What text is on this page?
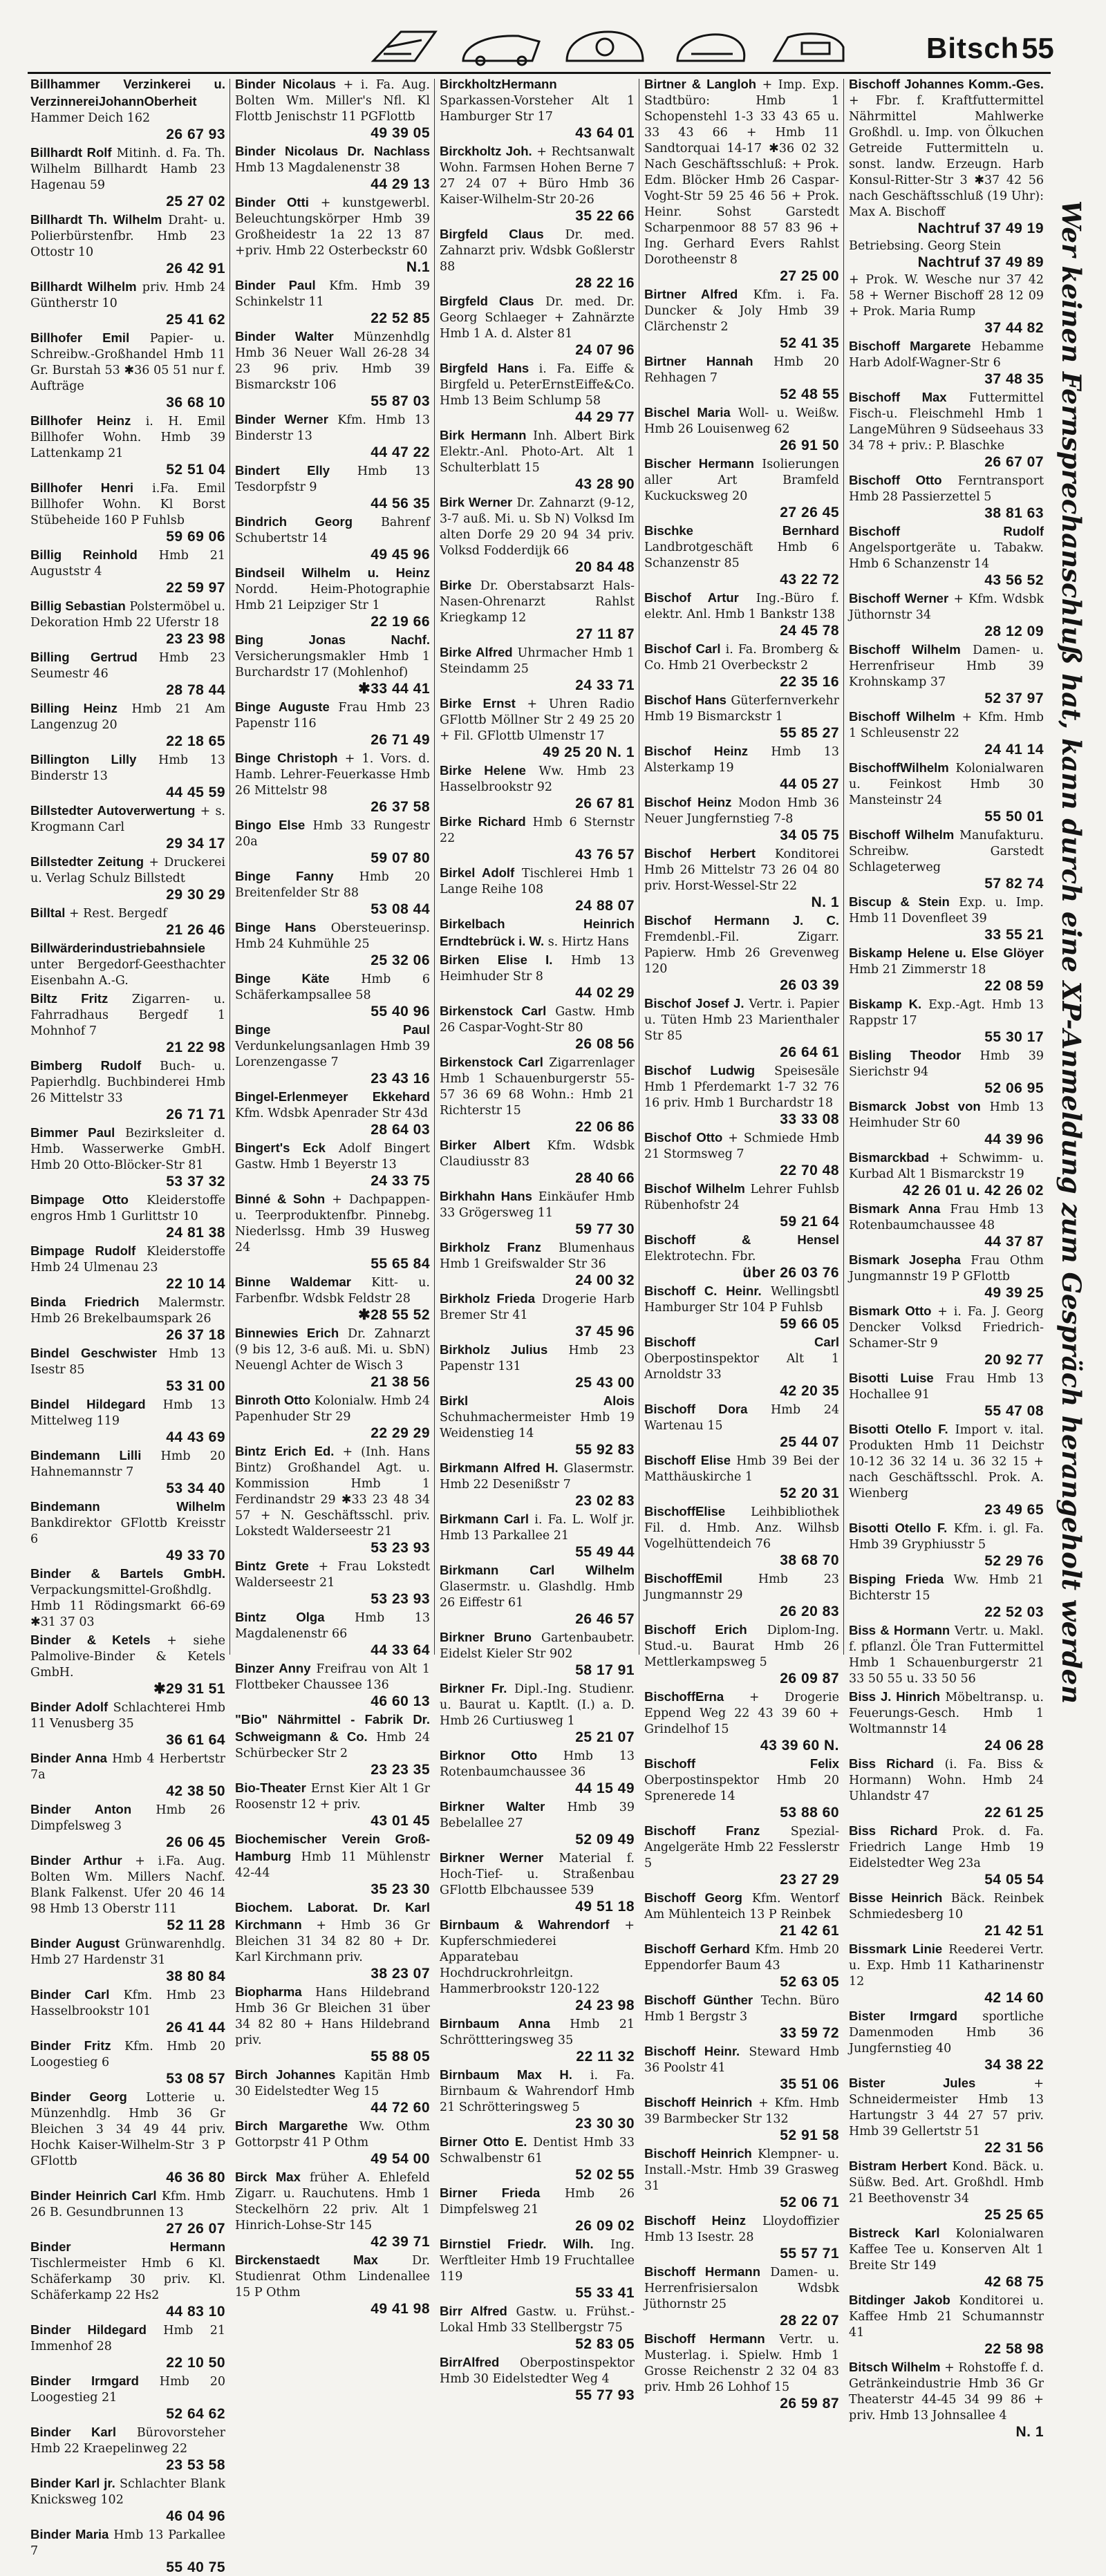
Bitsch 55
Billhammer Verzinkerei u. VerzinnereiJohannOberheit Hammer Deich 162
26 67 93
Billhardt Rolf Mitinh. d. Fa. Th. Wilhelm Billhardt Hamb 23 Hagenau 59
25 27 02
Billhardt Th. Wilhelm Draht- u. Polierbürstenfbr. Hmb 23 Ottostr 10
26 42 91
Billhardt Wilhelm priv. Hmb 24 Güntherstr 10
25 41 62
Billhofer Emil Papier- u. Schreibw.-Großhandel Hmb 11 Gr. Burstah 53 ✱36 05 51 nur f. Aufträge
36 68 10
Billhofer Heinz i. H. Emil Billhofer Wohn. Hmb 39 Lattenkamp 21
52 51 04
Billhofer Henri i.Fa. Emil Billhofer Wohn. Kl Borst Stübeheide 160 P Fuhlsb
59 69 06
Billig Reinhold Hmb 21 Auguststr 4
22 59 97
Billig Sebastian Polstermöbel u. Dekoration Hmb 22 Uferstr 18
23 23 98
Billing Gertrud Hmb 23 Seumestr 46
28 78 44
Billing Heinz Hmb 21 Am Langenzug 20
22 18 65
Billington Lilly Hmb 13 Binderstr 13
44 45 59
Billstedter Autoverwertung + s. Krogmann Carl
29 34 17
Billstedter Zeitung + Druckerei u. Verlag Schulz Billstedt
29 30 29
Billtal + Rest. Bergedf
21 26 46
Billwärderindustriebahnsiele unter Bergedorf-Geesthachter Eisenbahn A.-G.
Biltz Fritz Zigarren- u. Fahrradhaus Bergedf 1 Mohnhof 7
21 22 98
Bimberg Rudolf Buch- u. Papierhdlg. Buchbinderei Hmb 26 Mittelstr 33
26 71 71
Bimmer Paul Bezirksleiter d. Hmb. Wasserwerke GmbH. Hmb 20 Otto-Blöcker-Str 81
53 37 32
Bimpage Otto Kleiderstoffe engros Hmb 1 Gurlittstr 10
24 81 38
Bimpage Rudolf Kleiderstoffe Hmb 24 Ulmenau 23
22 10 14
Binda Friedrich Malermstr. Hmb 26 Brekelbaumspark 26
26 37 18
Bindel Geschwister Hmb 13 Isestr 85
53 31 00
Bindel Hildegard Hmb 13 Mittelweg 119
44 43 69
Bindemann Lilli Hmb 20 Hahnemannstr 7
53 34 40
Bindemann Wilhelm Bankdirektor GFlottb Kreisstr 6
49 33 70
Binder & Bartels GmbH. Verpackungsmittel-Großhdlg. Hmb 11 Rödingsmarkt 66-69 ✱31 37 03
Binder & Ketels + siehe Palmolive-Binder & Ketels GmbH.
✱29 31 51
Binder Adolf Schlachterei Hmb 11 Venusberg 35
36 61 64
Binder Anna Hmb 4 Herbertstr 7a
42 38 50
Binder Anton Hmb 26 Dimpfelsweg 3
26 06 45
Binder Arthur + i.Fa. Aug. Bolten Wm. Millers Nachf. Blank Falkenst. Ufer 20 46 14 98 Hmb 13 Oberstr 111
52 11 28
Binder August Grünwarenhdlg. Hmb 27 Hardenstr 31
38 80 84
Binder Carl Kfm. Hmb 23 Hasselbrookstr 101
26 41 44
Binder Fritz Kfm. Hmb 20 Loogestieg 6
53 08 57
Binder Georg Lotterie u. Münzenhdlg. Hmb 36 Gr Bleichen 3 34 49 44 priv. Hochk Kaiser-Wilhelm-Str 3 P GFlottb
46 36 80
Binder Heinrich Carl Kfm. Hmb 26 B. Gesundbrunnen 13
27 26 07
Binder Hermann Tischlermeister Hmb 6 Kl. Schäferkamp 30 priv. Kl. Schäferkamp 22 Hs2
44 83 10
Binder Hildegard Hmb 21 Immenhof 28
22 10 50
Binder Irmgard Hmb 20 Loogestieg 21
52 64 62
Binder Karl Bürovorsteher Hmb 22 Kraepelinweg 22
23 53 58
Binder Karl jr. Schlachter Blank Knicksweg 102
46 04 96
Binder Maria Hmb 13 Parkallee 7
55 40 75
Binder Nicolaus + i. Fa. Aug. Bolten Wm. Miller's Nfl. Kl Flottb Jenischstr 11 PGFlottb
49 39 05
Binder Nicolaus Dr. Nachlass Hmb 13 Magdalenenstr 38
44 29 13
Binder Otti + kunstgewerbl. Beleuchtungskörper Hmb 39 Großheidestr 1a 22 13 87 +priv. Hmb 22 Osterbeckstr 60
N.1
Binder Paul Kfm. Hmb 39 Schinkelstr 11
22 52 85
Binder Walter Münzenhdlg Hmb 36 Neuer Wall 26-28 34 23 96 priv. Hmb 39 Bismarckstr 106
55 87 03
Binder Werner Kfm. Hmb 13 Binderstr 13
44 47 22
Bindert Elly Hmb 13 Tesdorpfstr 9
44 56 35
Bindrich Georg Bahrenf Schubertstr 14
49 45 96
Bindseil Wilhelm u. Heinz Nordd. Heim-Photographie Hmb 21 Leipziger Str 1
22 19 66
Bing Jonas Nachf. Versicherungsmakler Hmb 1 Burchardstr 17 (Mohlenhof)
✱33 44 41
Binge Auguste Frau Hmb 23 Papenstr 116
26 71 49
Binge Christoph + 1. Vors. d. Hamb. Lehrer-Feuerkasse Hmb 26 Mittelstr 98
26 37 58
Bingo Else Hmb 33 Rungestr 20a
59 07 80
Binge Fanny Hmb 20 Breitenfelder Str 88
53 08 44
Binge Hans Obersteuerinsp. Hmb 24 Kuhmühle 25
25 32 06
Binge Käte	Hmb 6 Schäferkampsallee 58
55 40 96
Binge Paul Verdunkelungsanlagen Hmb 39 Lorenzengasse 7
23 43 16
Bingel-Erlenmeyer Ekkehard Kfm. Wdsbk Apenrader Str 43d
28 64 03
Bingert's Eck Adolf Bingert Gastw. Hmb 1 Beyerstr 13
24 33 75
Binné & Sohn + Dachpappen- u. Teerproduktenfbr. Pinnebg. Niederlssg. Hmb 39 Husweg 24
55 65 84
Binne Waldemar Kitt- u. Farbenfbr. Wdsbk Feldstr 28
✱28 55 52
Binnewies Erich Dr. Zahnarzt (9 bis 12, 3-6 auß. Mi. u. SbN) Neuengl Achter de Wisch 3
21 38 56
Binroth Otto Kolonialw. Hmb 24 Papenhuder Str 29
22 29 29
Bintz Erich Ed. + (Inh. Hans Bintz) Großhandel Agt. u. Kommission Hmb 1 Ferdinandstr 29 ✱33 23 48 34 57 + N. Geschäftsschl. priv. Lokstedt Walderseestr 21
53 23 93
Bintz Grete + Frau Lokstedt Walderseestr 21
53 23 93
Bintz Olga Hmb 13 Magdalenenstr 66
44 33 64
Binzer Anny Freifrau von Alt 1 Flottbeker Chaussee 136
46 60 13
"Bio" Nährmittel - Fabrik Dr. Schweigmann & Co. Hmb 24 Schürbecker Str 2
23 23 35
Bio-Theater Ernst Kier Alt 1 Gr Roosenstr 12 + priv.
43 01 45
Biochemischer Verein Groß-Hamburg Hmb 11 Mühlenstr 42-44
35 23 30
Biochem. Laborat. Dr. Karl Kirchmann + Hmb 36 Gr Bleichen 31 34 82 80 + Dr. Karl Kirchmann priv.
38 23 07
Biopharma Hans Hildebrand Hmb 36 Gr Bleichen 31 über 34 82 80 + Hans Hildebrand priv.
55 88 05
Birch Johannes Kapitän Hmb 30 Eidelstedter Weg 15
44 72 60
Birch Margarethe Ww. Othm Gottorpstr 41 P Othm
49 54 00
Birck Max früher A. Ehlefeld Zigarr. u. Rauchutens. Hmb 1 Steckelhörn 22 priv. Alt 1 Hinrich-Lohse-Str 145
42 39 71
Birckenstaedt Max	Dr. Studienrat Othm Lindenallee 15 P Othm
49 41 98
BirckholtzHermann Sparkassen-Vorsteher Alt 1 Hamburger Str 17
43 64 01
Birckholtz Joh. + Rechtsanwalt Wohn. Farmsen Hohen Berne 7 27 24 07 + Büro Hmb 36 Kaiser-Wilhelm-Str 20-26
35 22 66
Birgfeld Claus Dr. med. Zahnarzt priv. Wdsbk Goßlerstr 88
28 22 16
Birgfeld Claus Dr. med. Dr. Georg Schlaeger + Zahnärzte Hmb 1 A. d. Alster 81
24 07 96
Birgfeld Hans i. Fa. Eiffe & Birgfeld u. PeterErnstEiffe&Co. Hmb 13 Beim Schlump 58
44 29 77
Birk Hermann Inh. Albert Birk Elektr.-Anl. Photo-Art. Alt 1 Schulterblatt 15
43 28 90
Birk Werner Dr. Zahnarzt (9-12, 3-7 auß. Mi. u. Sb N) Volksd Im alten Dorfe 29 20 94 34 priv. Volksd Fodderdijk 66
20 84 48
Birke Dr. Oberstabsarzt Hals-Nasen-Ohrenarzt Rahlst Kriegkamp 12
27 11 87
Birke Alfred Uhrmacher Hmb 1 Steindamm 25
24 33 71
Birke Ernst + Uhren Radio GFlottb Möllner Str 2 49 25 20 + Fil. GFlottb Ulmenstr 17
49 25 20 N. 1
Birke Helene Ww. Hmb 23 Hasselbrookstr 92
26 67 81
Birke Richard Hmb 6 Sternstr 22
43 76 57
Birkel Adolf Tischlerei Hmb 1 Lange Reihe 108
24 88 07
Birkelbach Heinrich Erndtebrück i. W. s. Hirtz Hans
Birken Elise I. Hmb 13 Heimhuder Str 8
44 02 29
Birkenstock Carl Gastw. Hmb 26 Caspar-Voght-Str 80
26 08 56
Birkenstock Carl Zigarrenlager Hmb 1 Schauenburgerstr 55-57 36 69 68 Wohn.: Hmb 21 Richterstr 15
22 06 86
Birker Albert Kfm. Wdsbk Claudiusstr 83
28 40 66
Birkhahn Hans Einkäufer Hmb 33 Grögersweg 11
59 77 30
Birkholz Franz Blumenhaus Hmb 1 Greifswalder Str 36
24 00 32
Birkholz Frieda Drogerie Harb Bremer Str 41
37 45 96
Birkholz Julius Hmb 23 Papenstr 131
25 43 00
Birkl Alois Schuhmachermeister Hmb 19 Weidenstieg 14
55 92 83
Birkmann Alfred H. Glasermstr. Hmb 22 Desenißstr 7
23 02 83
Birkmann Carl i. Fa. L. Wolf jr. Hmb 13 Parkallee 21
55 49 44
Birkmann Carl Wilhelm Glasermstr. u. Glashdlg. Hmb 26 Eiffestr 61
26 46 57
Birkner Bruno Gartenbaubetr. Eidelst Kieler Str 902
58 17 91
Birkner Fr. Dipl.-Ing. Studienr. u. Baurat u. Kaptlt. (I.) a. D. Hmb 26 Curtiusweg 1
25 21 07
Birknor Otto Hmb 13 Rotenbaumchaussee 36
44 15 49
Birkner Walter Hmb 39 Bebelallee 27
52 09 49
Birkner Werner Material f. Hoch-Tief- u. Straßenbau GFlottb Elbchaussee 539
49 51 18
Birnbaum & Wahrendorf + Kupferschmiederei Apparatebau Hochdruckrohrleitgn. Hammerbrookstr 120-122
24 23 98
Birnbaum Anna Hmb 21 Schröttteringsweg 35
22 11 32
Birnbaum Max H. i. Fa. Birnbaum & Wahrendorf Hmb 21 Schrötteringsweg 5
23 30 30
Birner Otto E. Dentist Hmb 33 Schwalbenstr 61
52 02 55
Birner Frieda Hmb 26 Dimpfelsweg 21
26 09 02
Birnstiel Friedr. Wilh. Ing. Werftleiter Hmb 19 Fruchtallee 119
55 33 41
Birr Alfred Gastw. u. Frühst.-Lokal Hmb 33 Stellbergstr 75
52 83 05
BirrAlfred Oberpostinspektor Hmb 30 Eidelstedter Weg 4
55 77 93
Birtner & Langloh + Imp. Exp. Stadtbüro: Hmb 1 Schopenstehl 1-3 33 43 65 u. 33 43 66 + Hmb 11 Sandtorquai 14-17 ✱36 02 32 Nach Geschäftsschluß: + Prok. Edm. Blöcker Hmb 26 Caspar-Voght-Str 59 25 46 56 + Prok. Heinr. Sohst Garstedt Scharpenmoor 88 57 83 96 + Ing. Gerhard Evers Rahlst Dorotheenstr 8
27 25 00
Birtner Alfred Kfm. i. Fa. Duncker & Joly Hmb 39 Clärchenstr 2
52 41 35
Birtner Hannah Hmb 20 Rehhagen 7
52 48 55
Bischel Maria Woll- u. Weißw. Hmb 26 Louisenweg 62
26 91 50
Bischer Hermann Isolierungen aller Art Bramfeld Kuckucksweg 20
27 26 45
Bischke Bernhard Landbrotgeschäft Hmb 6 Schanzenstr 85
43 22 72
Bischof Artur Ing.-Büro f. elektr. Anl. Hmb 1 Bankstr 138
24 45 78
Bischof Carl i. Fa. Bromberg & Co. Hmb 21 Overbeckstr 2
22 35 16
Bischof Hans Güterfernverkehr Hmb 19 Bismarckstr 1
55 85 27
Bischof Heinz Hmb 13 Alsterkamp 19
44 05 27
Bischof Heinz Modon Hmb 36 Neuer Jungfernstieg 7-8
34 05 75
Bischof Herbert Konditorei Hmb 26 Mittelstr 73 26 04 80 priv. Horst-Wessel-Str 22
N. 1
Bischof Hermann J. C. Fremdenbl.-Fil. Zigarr. Papierw. Hmb 26 Grevenweg 120
26 03 39
Bischof Josef J. Vertr. i. Papier u. Tüten Hmb 23 Marienthaler Str 85
26 64 61
Bischof Ludwig Speisesäle Hmb 1 Pferdemarkt 1-7 32 76 16 priv. Hmb 1 Burchardstr 18
33 33 08
Bischof Otto + Schmiede Hmb 21 Stormsweg 7
22 70 48
Bischof Wilhelm Lehrer Fuhlsb Rübenhofstr 24
59 21 64
Bischoff & Hensel Elektrotechn. Fbr.
über 26 03 76
Bischoff C. Heinr. Wellingsbtl Hamburger Str 104 P Fuhlsb
59 66 05
Bischoff Carl Oberpostinspektor Alt 1 Arnoldstr 33
42 20 35
Bischoff Dora Hmb 24 Wartenau 15
25 44 07
Bischoff Elise Hmb 39 Bei der Matthäuskirche 1
52 20 31
BischoffElise Leihbibliothek Fil. d. Hmb. Anz. Wilhsb Vogelhüttendeich 76
38 68 70
BischoffEmil	Hmb 23 Jungmannstr 29
26 20 83
Bischoff Erich Diplom-Ing. Stud.-u. Baurat Hmb 26 Mettlerkampsweg 5
26 09 87
BischoffErna + Drogerie Eppend Weg 22 43 39 60 + Grindelhof 15
43 39 60 N.
Bischoff Felix Oberpostinspektor Hmb 20 Sprenerede 14
53 88 60
Bischoff Franz	Spezial-Angelgeräte Hmb 22 Fesslerstr 5
23 27 29
Bischoff Georg Kfm. Wentorf Am Mühlenteich 13 P Reinbek
21 42 61
Bischoff Gerhard Kfm. Hmb 20 Eppendorfer Baum 43
52 63 05
Bischoff Günther Techn. Büro Hmb 1 Bergstr 3
33 59 72
Bischoff Heinr. Steward Hmb 36 Poolstr 41
35 51 06
Bischoff Heinrich + Kfm. Hmb 39 Barmbecker Str 132
52 91 58
Bischoff Heinrich Klempner- u. Install.-Mstr. Hmb 39 Grasweg 31
52 06 71
Bischoff Heinz Lloydoffizier Hmb 13 Isestr. 28
55 57 71
Bischoff Hermann Damen- u. Herrenfrisiersalon Wdsbk Jüthornstr 25
28 22 07
Bischoff Hermann Vertr. u. Musterlag. i. Spielw. Hmb 1 Grosse Reichenstr 2 32 04 83 priv. Hmb 26 Lohhof 15
26 59 87
Bischoff Johannes Komm.-Ges. + Fbr. f. Kraftfuttermittel Nährmittel Mahlwerke Großhdl. u. Imp. von Ölkuchen Getreide Futtermitteln u. sonst. landw. Erzeugn. Harb Konsul-Ritter-Str 3 ✱37 42 56 nach Geschäftsschluß (19 Uhr): Max A. Bischoff
Nachtruf 37 49 19
Betriebsing. Georg Stein
Nachtruf 37 49 89
+ Prok. W. Wesche nur 37 42 58 + Werner Bischoff 28 12 09 + Prok. Maria Rump
37 44 82
Bischoff Margarete Hebamme Harb Adolf-Wagner-Str 6
37 48 35
Bischoff Max Futtermittel Fisch-u. Fleischmehl Hmb 1 LangeMühren 9 Südseehaus 33 34 78 + priv.: P. Blaschke
26 67 07
Bischoff Otto Ferntransport Hmb 28 Passierzettel 5
38 81 63
Bischoff Rudolf Angelsportgeräte u. Tabakw. Hmb 6 Schanzenstr 14
43 56 52
Bischoff Werner + Kfm. Wdsbk Jüthornstr 34
28 12 09
Bischoff Wilhelm Damen- u. Herrenfriseur Hmb 39 Krohnskamp 37
52 37 97
Bischoff Wilhelm + Kfm. Hmb 1 Schleusenstr 22
24 41 14
BischoffWilhelm Kolonialwaren u. Feinkost Hmb 30 Mansteinstr 24
55 50 01
Bischoff Wilhelm Manufakturu. Schreibw. Garstedt Schlageterweg
57 82 74
Biscup & Stein Exp. u. Imp. Hmb 11 Dovenfleet 39
33 55 21
Biskamp Helene u. Else Glöyer Hmb 21 Zimmerstr 18
22 08 59
Biskamp K. Exp.-Agt. Hmb 13 Rappstr 17
55 30 17
Bisling Theodor Hmb 39 Sierichstr 94
52 06 95
Bismarck Jobst von Hmb 13 Heimhuder Str 60
44 39 96
Bismarckbad + Schwimm- u. Kurbad Alt 1 Bismarckstr 19
42 26 01 u. 42 26 02
Bismark Anna Frau Hmb 13 Rotenbaumchaussee 48
44 37 87
Bismark Josepha Frau Othm Jungmannstr 19 P GFlottb
49 39 25
Bismark Otto + i. Fa. J. Georg Dencker Volksd Friedrich-Schamer-Str 9
20 92 77
Bisotti Luise Frau Hmb 13 Hochallee 91
55 47 08
Bisotti Otello F. Import v. ital. Produkten Hmb 11 Deichstr 10-12 36 32 14 u. 36 32 15 + nach Geschäftsschl. Prok. A. Wienberg
23 49 65
Bisotti Otello F. Kfm. i. gl. Fa. Hmb 39 Gryphiusstr 5
52 29 76
Bisping Frieda Ww. Hmb 21 Bichterstr 15
22 52 03
Biss & Hormann Vertr. u. Makl. f. pflanzl. Öle Tran Futtermittel Hmb 1 Schauenburgerstr 21 33 50 55 u. 33 50 56
Biss J. Hinrich Möbeltransp. u. Feuerungs-Gesch. Hmb 1 Woltmannstr 14
24 06 28
Biss Richard (i. Fa. Biss & Hormann) Wohn. Hmb 24 Uhlandstr 47
22 61 25
Biss Richard Prok. d. Fa. Friedrich Lange Hmb 19 Eidelstedter Weg 23a
54 05 54
Bisse Heinrich Bäck. Reinbek Schmiedesberg 10
21 42 51
Bissmark Linie Reederei Vertr. u. Exp. Hmb 11 Katharinenstr 12
42 14 60
Bister Irmgard sportliche Damenmoden Hmb 36 Jungfernstieg 40
34 38 22
Bister Jules	+ Schneidermeister Hmb 13 Hartungstr 3 44 27 57 priv. Hmb 39 Gellertstr 51
22 31 56
Bistram Herbert Kond. Bäck. u. Süßw. Bed. Art. Großhdl. Hmb 21 Beethovenstr 34
25 25 65
Bistreck Karl Kolonialwaren Kaffee Tee u. Konserven Alt 1 Breite Str 149
42 68 75
Bitdinger Jakob Konditorei u. Kaffee Hmb 21 Schumannstr 41
22 58 98
Bitsch Wilhelm + Rohstoffe f. d. Getränkeindustrie Hmb 36 Gr Theaterstr 44-45 34 99 86 + priv. Hmb 13 Johnsallee 4
N. 1
Wer keinen Fernsprechanschluß hat, kann durch eine XP-Anmeldung zum Gespräch herangeholt werden
